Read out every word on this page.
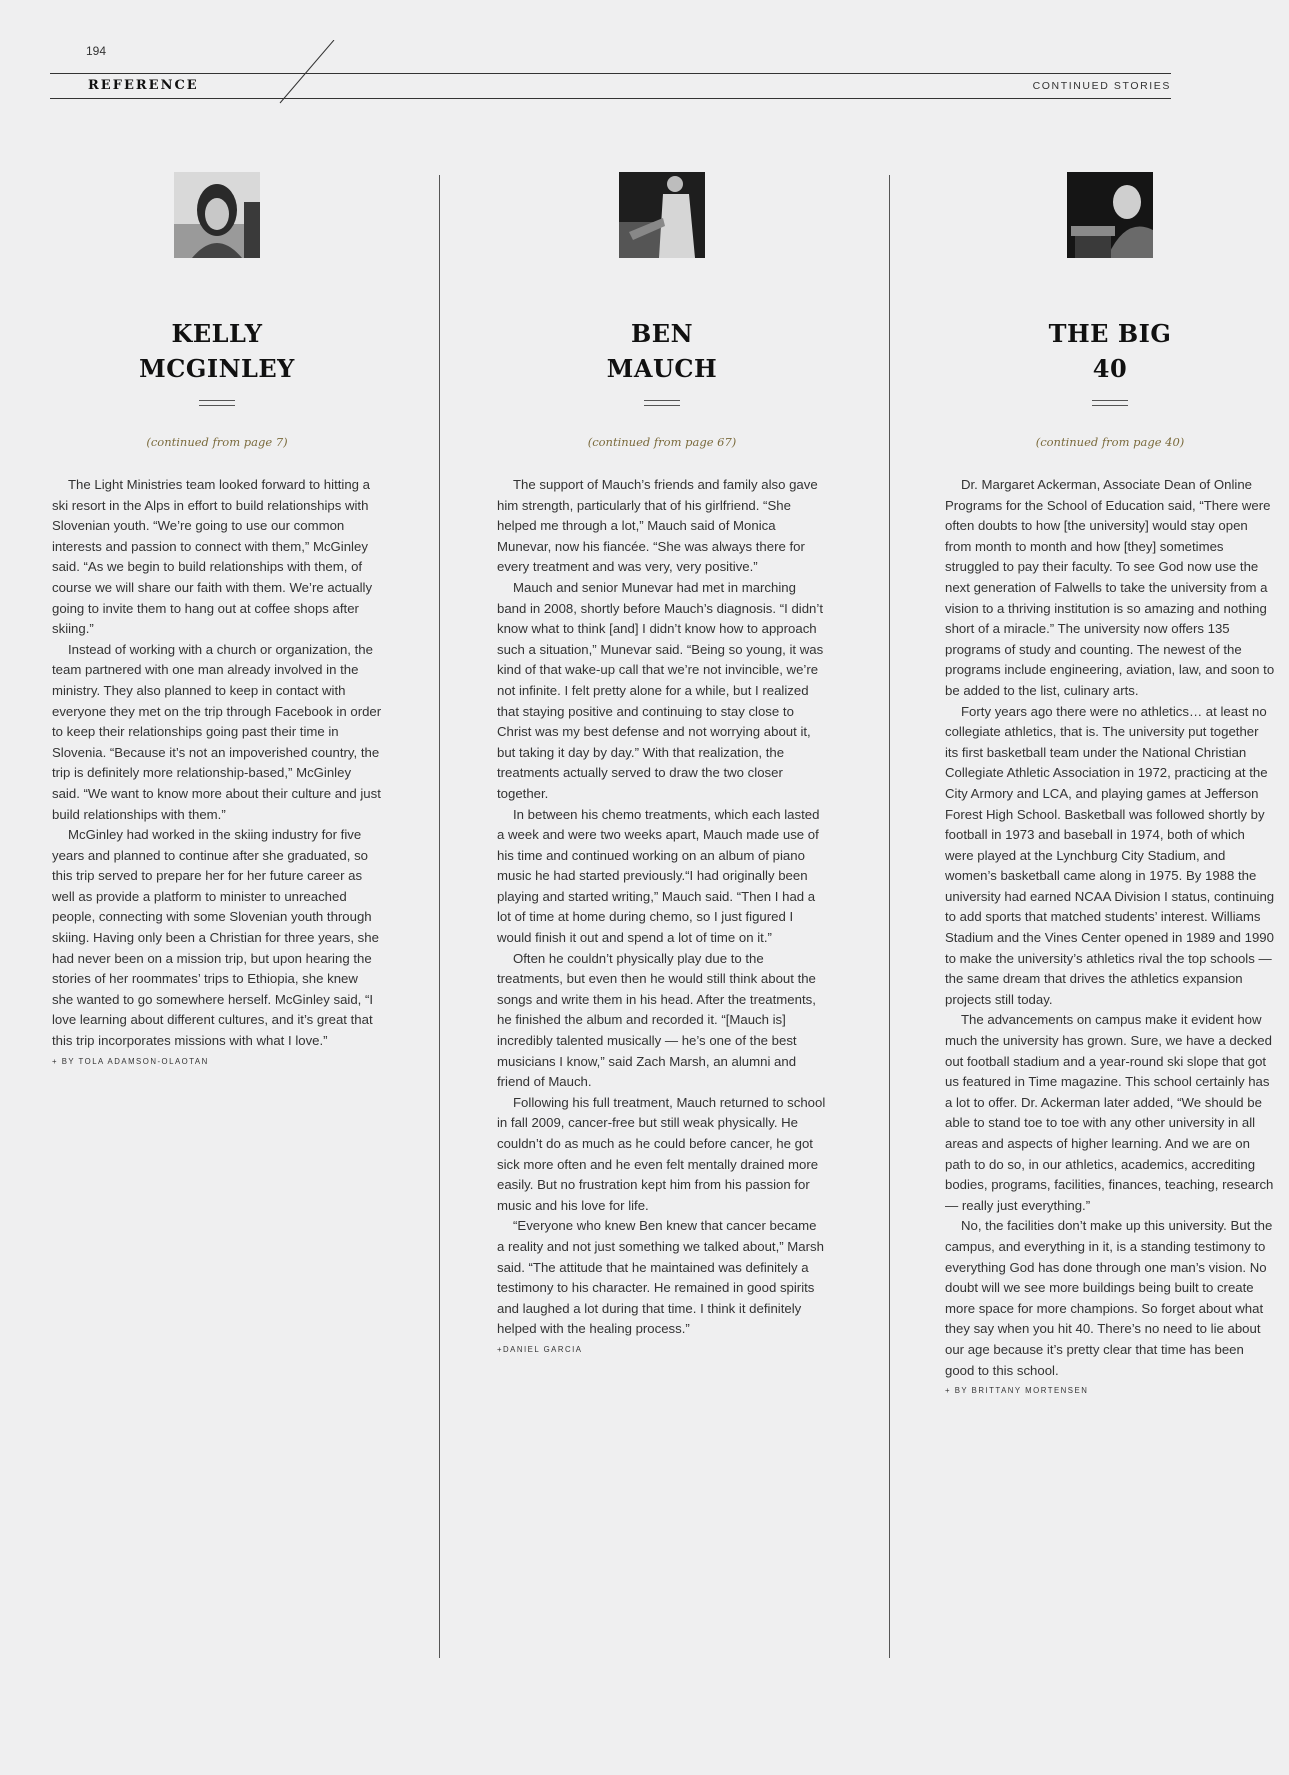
194
REFERENCE	CONTINUED STORIES
KELLY
MCGINLEY
(continued from page 7)

The Light Ministries team looked forward to hitting a ski resort in the Alps in effort to build relationships with Slovenian youth. “We’re going to use our common interests and passion to connect with them,” McGinley said. “As we begin to build relationships with them, of course we will share our faith with them. We’re actually going to invite them to hang out at coffee shops after skiing.”

Instead of working with a church or organization, the team partnered with one man already involved in the ministry. They also planned to keep in contact with everyone they met on the trip through Facebook in order to keep their relationships going past their time in Slovenia. “Because it’s not an impoverished country, the trip is definitely more relationship-based,” McGinley said. “We want to know more about their culture and just build relationships with them.”

McGinley had worked in the skiing industry for five years and planned to continue after she graduated, so this trip served to prepare her for her future career as well as provide a platform to minister to unreached people, connecting with some Slovenian youth through skiing. Having only been a Christian for three years, she had never been on a mission trip, but upon hearing the stories of her roommates’ trips to Ethiopia, she knew she wanted to go somewhere herself. McGinley said, “I love learning about different cultures, and it’s great that this trip incorporates missions with what I love.”

+ BY TOLA ADAMSON-OLAOTAN
BEN
MAUCH
(continued from page 67)

The support of Mauch’s friends and family also gave him strength, particularly that of his girlfriend. “She helped me through a lot,” Mauch said of Monica Munevar, now his fiancée. “She was always there for every treatment and was very, very positive.”

Mauch and senior Munevar had met in marching band in 2008, shortly before Mauch’s diagnosis. “I didn’t know what to think [and] I didn’t know how to approach such a situation,” Munevar said. “Being so young, it was kind of that wake-up call that we’re not invincible, we’re not infinite. I felt pretty alone for a while, but I realized that staying positive and continuing to stay close to Christ was my best defense and not worrying about it, but taking it day by day.” With that realization, the treatments actually served to draw the two closer together.

In between his chemo treatments, which each lasted a week and were two weeks apart, Mauch made use of his time and continued working on an album of piano music he had started previously.“I had originally been playing and started writing,” Mauch said. “Then I had a lot of time at home during chemo, so I just figured I would finish it out and spend a lot of time on it.”

Often he couldn’t physically play due to the treatments, but even then he would still think about the songs and write them in his head. After the treatments, he finished the album and recorded it. “[Mauch is] incredibly talented musically — he’s one of the best musicians I know,” said Zach Marsh, an alumni and friend of Mauch.

Following his full treatment, Mauch returned to school in fall 2009, cancer-free but still weak physically. He couldn’t do as much as he could before cancer, he got sick more often and he even felt mentally drained more easily. But no frustration kept him from his passion for music and his love for life.

“Everyone who knew Ben knew that cancer became a reality and not just something we talked about,” Marsh said. “The attitude that he maintained was definitely a testimony to his character. He remained in good spirits and laughed a lot during that time. I think it definitely helped with the healing process.”

+DANIEL GARCIA
THE BIG
40
(continued from page 40)

Dr. Margaret Ackerman, Associate Dean of Online Programs for the School of Education said, “There were often doubts to how [the university] would stay open from month to month and how [they] sometimes struggled to pay their faculty. To see God now use the next generation of Falwells to take the university from a vision to a thriving institution is so amazing and nothing short of a miracle.” The university now offers 135 programs of study and counting. The newest of the programs include engineering, aviation, law, and soon to be added to the list, culinary arts.

Forty years ago there were no athletics… at least no collegiate athletics, that is. The university put together its first basketball team under the National Christian Collegiate Athletic Association in 1972, practicing at the City Armory and LCA, and playing games at Jefferson Forest High School. Basketball was followed shortly by football in 1973 and baseball in 1974, both of which were played at the Lynchburg City Stadium, and women’s basketball came along in 1975. By 1988 the university had earned NCAA Division I status, continuing to add sports that matched students’ interest. Williams Stadium and the Vines Center opened in 1989 and 1990 to make the university’s athletics rival the top schools — the same dream that drives the athletics expansion projects still today.

The advancements on campus make it evident how much the university has grown. Sure, we have a decked out football stadium and a year-round ski slope that got us featured in Time magazine. This school certainly has a lot to offer. Dr. Ackerman later added, “We should be able to stand toe to toe with any other university in all areas and aspects of higher learning. And we are on path to do so, in our athletics, academics, accrediting bodies, programs, facilities, finances, teaching, research — really just everything.”

No, the facilities don’t make up this university. But the campus, and everything in it, is a standing testimony to everything God has done through one man’s vision. No doubt will we see more buildings being built to create more space for more champions. So forget about what they say when you hit 40. There’s no need to lie about our age because it’s pretty clear that time has been good to this school.

+ BY BRITTANY MORTENSEN
